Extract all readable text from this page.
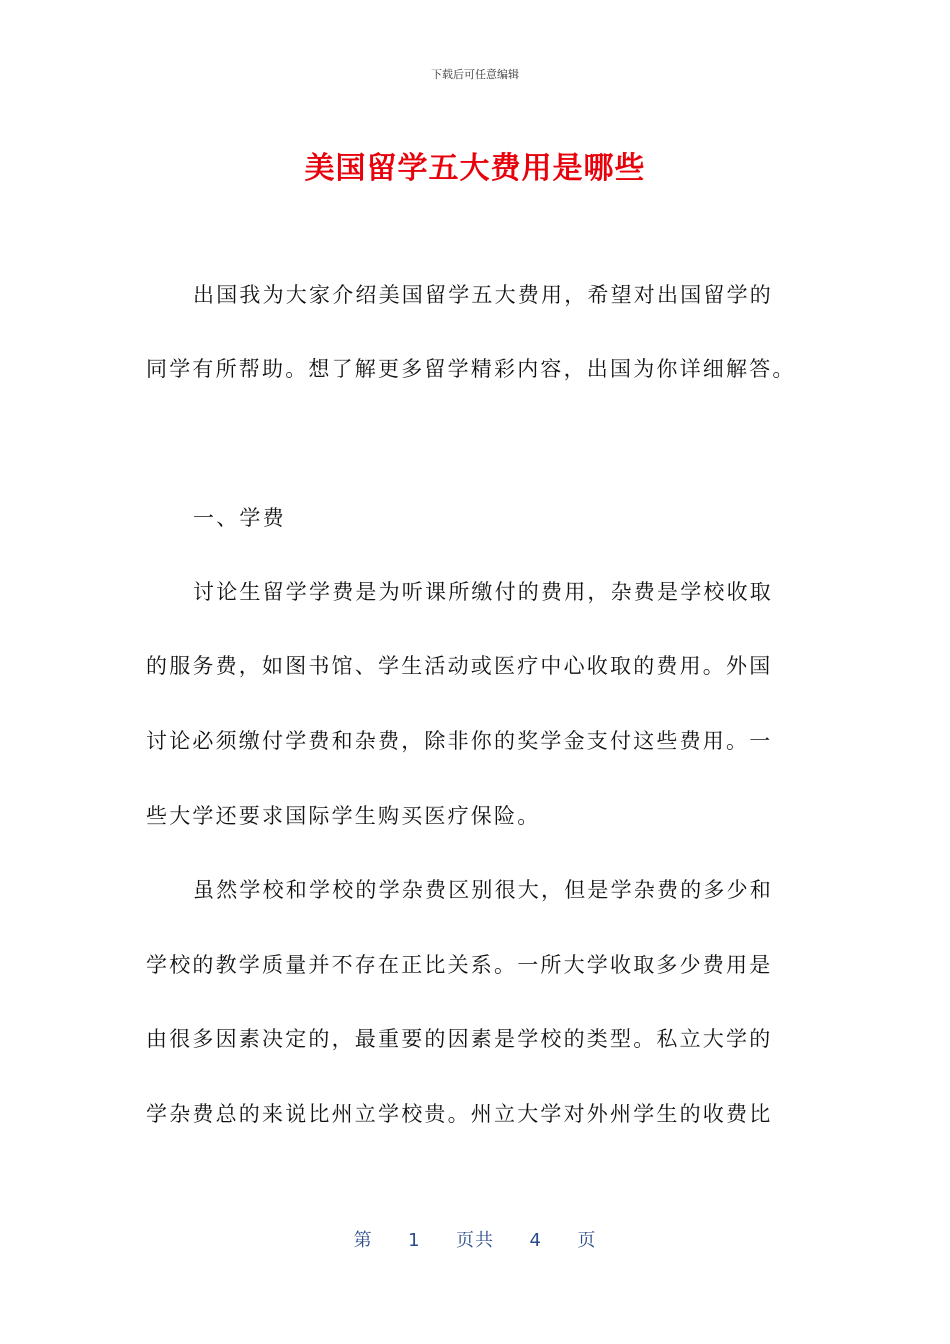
下载后可任意编辑
美国留学五大费用是哪些
出国我为大家介绍美国留学五大费用，希望对出国留学的
同学有所帮助。想了解更多留学精彩内容，出国为你详细解答。
一、学费
讨论生留学学费是为听课所缴付的费用，杂费是学校收取
的服务费，如图书馆、学生活动或医疗中心收取的费用。外国
讨论必须缴付学费和杂费，除非你的奖学金支付这些费用。一
些大学还要求国际学生购买医疗保险。
虽然学校和学校的学杂费区别很大，但是学杂费的多少和
学校的教学质量并不存在正比关系。一所大学收取多少费用是
由很多因素决定的，最重要的因素是学校的类型。私立大学的
学杂费总的来说比州立学校贵。州立大学对外州学生的收费比
第 1 页共 4 页
